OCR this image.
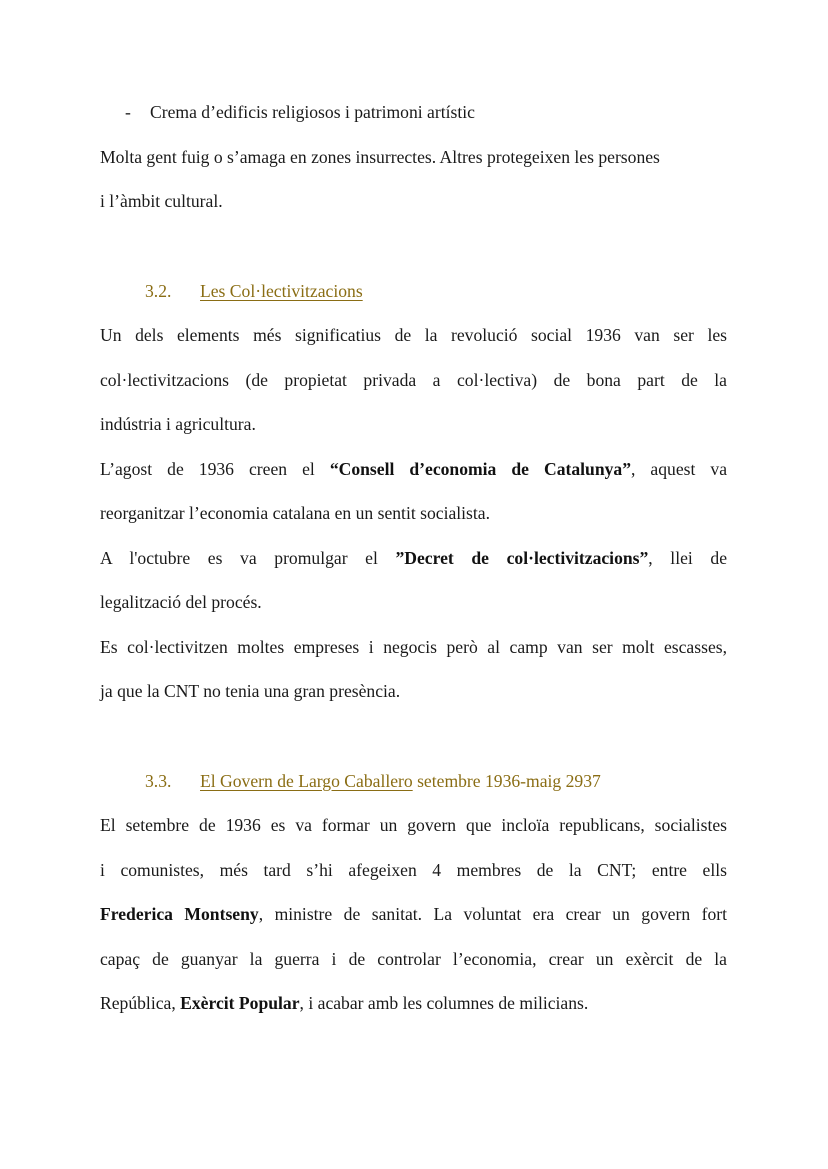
- Crema d’edificis religiosos i patrimoni artístic
Molta gent fuig o s’amaga en zones insurrectes. Altres protegeixen les persones
i l’àmbit cultural.
3.2. Les Col·lectivitzacions
Un dels elements més significatius de la revolució social 1936 van ser les
col·lectivitzacions (de propietat privada a col·lectiva) de bona part de la
indústria i agricultura.
L’agost de 1936 creen el “Consell d’economia de Catalunya”, aquest va
reorganitzar l’economia catalana en un sentit socialista.
A l'octubre es va promulgar el ”Decret de col·lectivitzacions”, llei de
legalització del procés.
Es col·lectivitzen moltes empreses i negocis però al camp van ser molt escasses,
ja que la CNT no tenia una gran presència.
3.3. El Govern de Largo Caballero setembre 1936-maig 2937
El setembre de 1936 es va formar un govern que incloïa republicans, socialistes
i comunistes, més tard s’hi afegeixen 4 membres de la CNT; entre ells
Frederica Montseny, ministre de sanitat. La voluntat era crear un govern fort
capaç de guanyar la guerra i de controlar l’economia, crear un exèrcit de la
República, Exèrcit Popular, i acabar amb les columnes de milicians.
